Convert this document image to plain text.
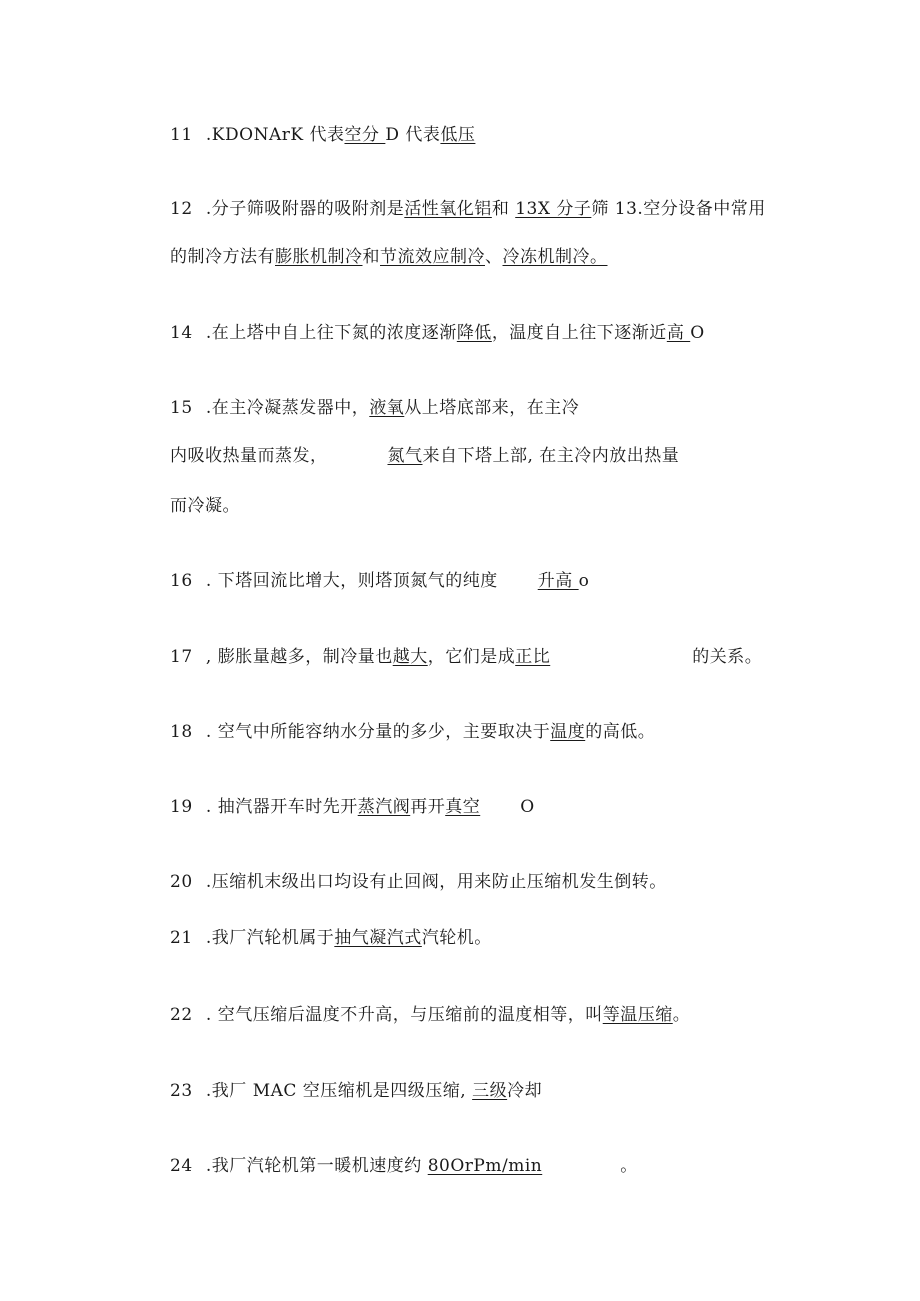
11 .KDONArK 代表空分 D 代表低压
12 .分子筛吸附器的吸附剂是活性氧化铝和 13X 分子筛 13.空分设备中常用
的制冷方法有膨胀机制冷和节流效应制冷、冷冻机制冷。
14 .在上塔中自上往下氮的浓度逐渐降低，温度自上往下逐渐近高 O
15 .在主冷凝蒸发器中，液氧从上塔底部来，在主冷
内吸收热量而蒸发，	氮气来自下塔上部, 在主冷内放出热量
而冷凝。
16 . 下塔回流比增大，则塔顶氮气的纯度 升高 o
17 , 膨胀量越多，制冷量也越大，它们是成正比	的关系。
18 . 空气中所能容纳水分量的多少，主要取决于温度的高低。
19 . 抽汽器开车时先开蒸汽阀再开真空 O
20 .压缩机末级出口均设有止回阀，用来防止压缩机发生倒转。
21 .我厂汽轮机属于抽气凝汽式汽轮机。
22 . 空气压缩后温度不升高，与压缩前的温度相等，叫等温压缩。
23 .我厂 MAC 空压缩机是四级压缩, 三级冷却
24 .我厂汽轮机第一暖机速度约 80OrPm/min	。
